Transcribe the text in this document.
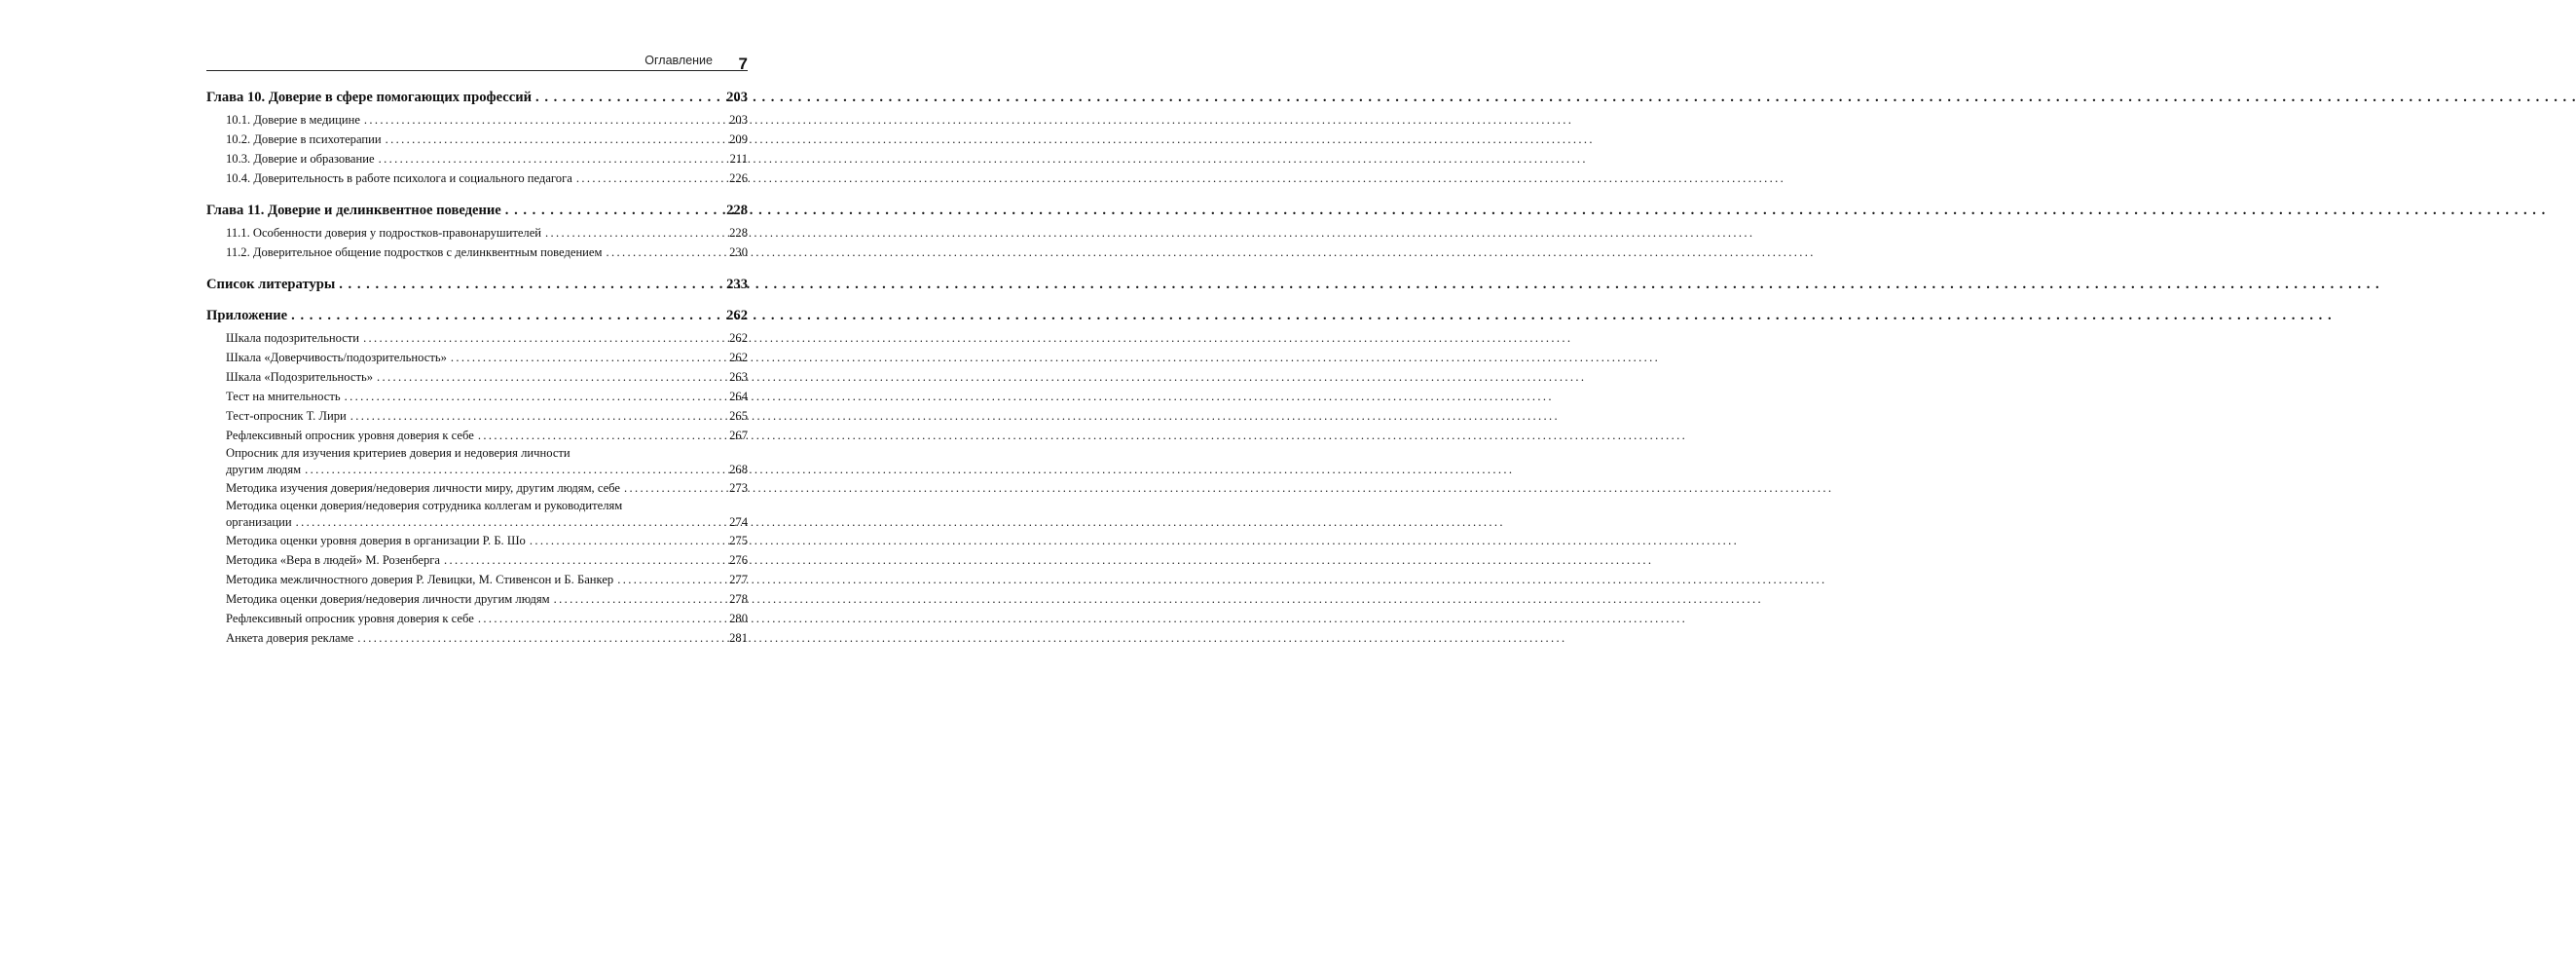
Оглавление 7
Глава 10. Доверие в сфере помогающих профессий . . .	203
10.1. Доверие в медицине . . .	203
10.2. Доверие в психотерапии . . .	209
10.3. Доверие и образование . . .	211
10.4. Доверительность в работе психолога и социального педагога . . .	226
Глава 11. Доверие и делинквентное поведение . . .	228
11.1. Особенности доверия у подростков-правонарушителей . . .	228
11.2. Доверительное общение подростков с делинквентным поведением . . .	230
Список литературы . . .	233
Приложение . . .	262
Шкала подозрительности . . .	262
Шкала «Доверчивость/подозрительность» . . .	262
Шкала «Подозрительность» . . .	263
Тест на мнительность . . .	264
Тест-опросник Т. Лири . . .	265
Рефлексивный опросник уровня доверия к себе . . .	267
Опросник для изучения критериев доверия и недоверия личности
другим людям . . .	268
Методика изучения доверия/недоверия личности миру, другим людям, себе . . .	273
Методика оценки доверия/недоверия сотрудника коллегам и руководителям
организации . . .	274
Методика оценки уровня доверия в организации Р. Б. Шо . . .	275
Методика «Вера в людей» М. Розенберга . . .	276
Методика межличностного доверия Р. Левицки, М. Стивенсон и Б. Банкер . . .	277
Методика оценки доверия/недоверия личности другим людям . . .	278
Рефлексивный опросник уровня доверия к себе . . .	280
Анкета доверия рекламе . . .	281
